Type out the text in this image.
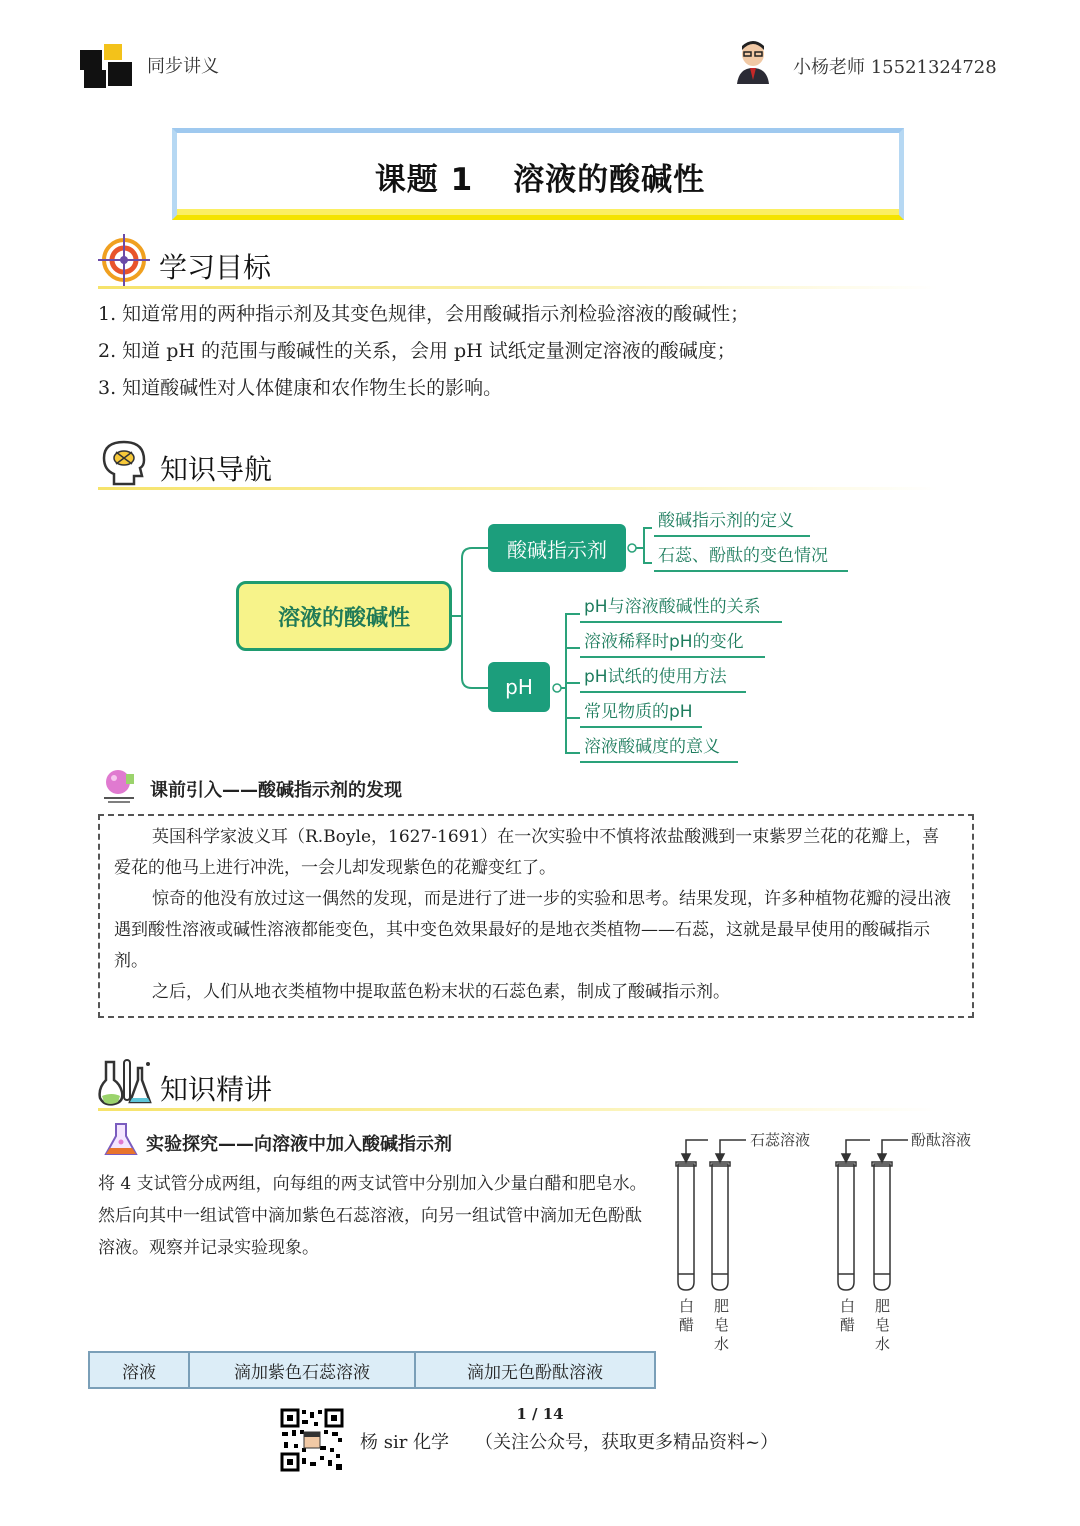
同步讲义	小杨老师 15521324728
课题 1 溶液的酸碱性
学习目标
1. 知道常用的两种指示剂及其变色规律，会用酸碱指示剂检验溶液的酸碱性；
2. 知道 pH 的范围与酸碱性的关系，会用 pH 试纸定量测定溶液的酸碱度；
3. 知道酸碱性对人体健康和农作物生长的影响。
知识导航
溶液的酸碱性
酸碱指示剂
pH
酸碱指示剂的定义
石蕊、酚酞的变色情况
pH与溶液酸碱性的关系
溶液稀释时pH的变化
pH试纸的使用方法
常见物质的pH
溶液酸碱度的意义
课前引入——酸碱指示剂的发现

英国科学家波义耳（R.Boyle，1627-1691）在一次实验中不慎将浓盐酸溅到一束紫罗兰花的花瓣上，喜爱花的他马上进行冲洗，一会儿却发现紫色的花瓣变红了。

惊奇的他没有放过这一偶然的发现，而是进行了进一步的实验和思考。结果发现，许多种植物花瓣的浸出液遇到酸性溶液或碱性溶液都能变色，其中变色效果最好的是地衣类植物——石蕊，这就是最早使用的酸碱指示剂。

之后，人们从地衣类植物中提取蓝色粉末状的石蕊色素，制成了酸碱指示剂。

知识精讲
实验探究——向溶液中加入酸碱指示剂
将 4 支试管分成两组，向每组的两支试管中分别加入少量白醋和肥皂水。然后向其中一组试管中滴加紫色石蕊溶液，向另一组试管中滴加无色酚酞溶液。观察并记录实验现象。
石蕊溶液	酚酞溶液
白醋
肥皂水
白醋
肥皂水
溶液	滴加紫色石蕊溶液	滴加无色酚酞溶液
1 / 14
杨 sir 化学 （关注公众号，获取更多精品资料~）
